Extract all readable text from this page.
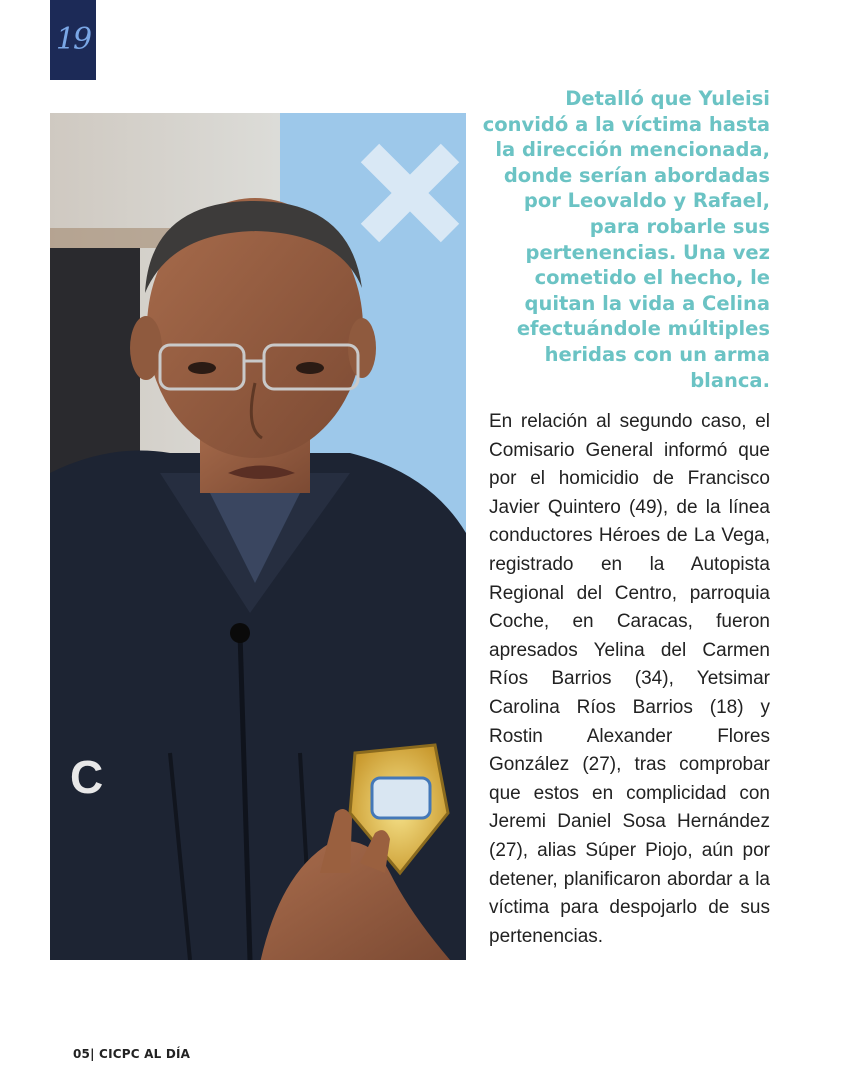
19
C

Detalló que Yuleisi convidó a la víctima hasta la dirección mencionada, donde serían abordadas por Leovaldo y Rafael, para robarle sus pertenencias. Una vez cometido el hecho, le quitan la vida a Celina efectuándole múltiples heridas con un arma blanca.

En relación al segundo caso, el Comisario General informó que por el homicidio de Francisco Javier Quintero (49), de la línea conductores Héroes de La Vega, registrado en la Autopista Regional del Centro, parroquia Coche, en Caracas, fueron apresados Yelina del Carmen Ríos Barrios (34), Yetsimar Carolina Ríos Barrios (18) y Rostin Alexander Flores González (27), tras comprobar que estos en complicidad con Jeremi Daniel Sosa Hernández (27), alias Súper Piojo, aún por detener, planificaron abordar a la víctima para despojarlo de sus pertenencias.

05| CICPC AL DÍA
